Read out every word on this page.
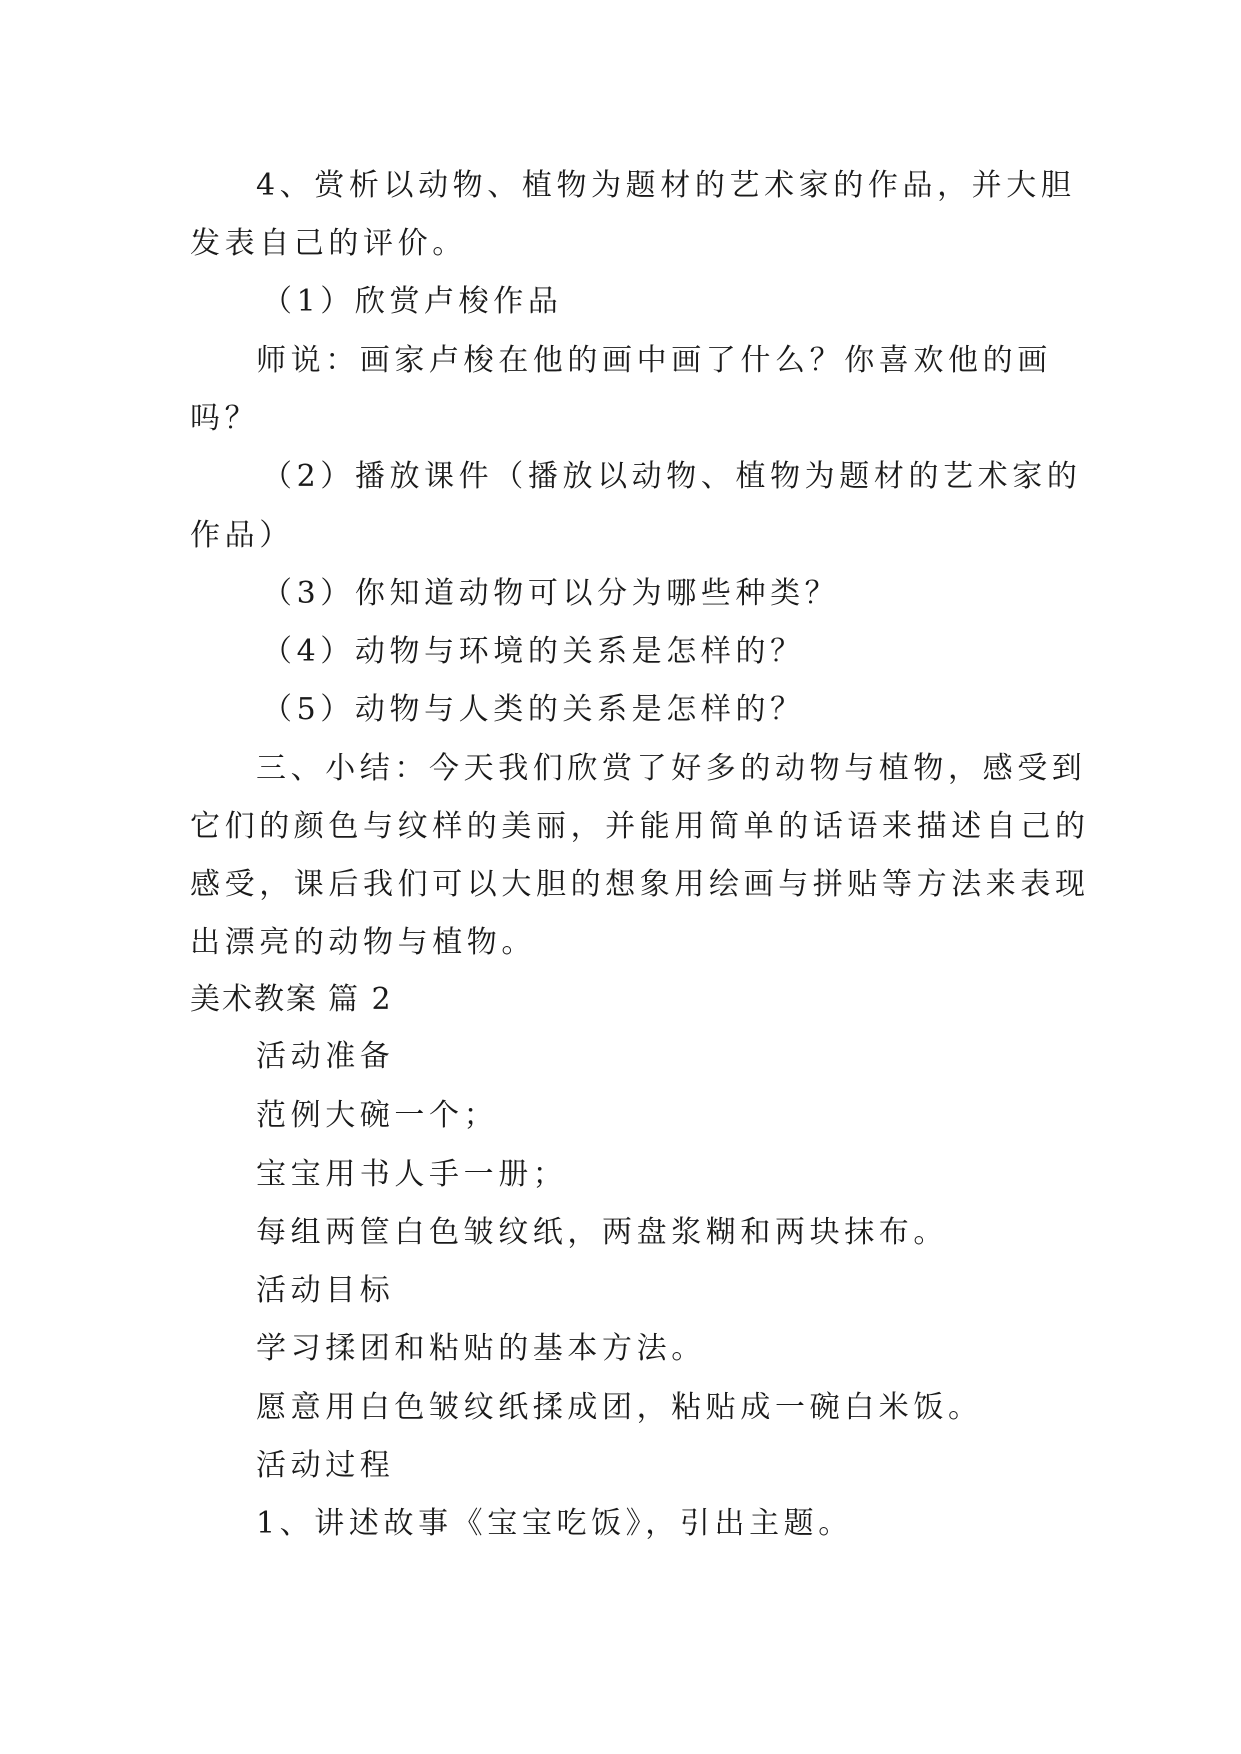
4、赏析以动物、植物为题材的艺术家的作品，并大胆
发表自己的评价。
（1）欣赏卢梭作品
师说：画家卢梭在他的画中画了什么？你喜欢他的画
吗？
（2）播放课件（播放以动物、植物为题材的艺术家的
作品）
（3）你知道动物可以分为哪些种类？
（4）动物与环境的关系是怎样的？
（5）动物与人类的关系是怎样的？
三、小结：今天我们欣赏了好多的动物与植物，感受到
它们的颜色与纹样的美丽，并能用简单的话语来描述自己的
感受，课后我们可以大胆的想象用绘画与拼贴等方法来表现
出漂亮的动物与植物。
美术教案 篇 2
活动准备
范例大碗一个；
宝宝用书人手一册；
每组两筐白色皱纹纸，两盘浆糊和两块抹布。
活动目标
学习揉团和粘贴的基本方法。
愿意用白色皱纹纸揉成团，粘贴成一碗白米饭。
活动过程
1、讲述故事《宝宝吃饭》，引出主题。
